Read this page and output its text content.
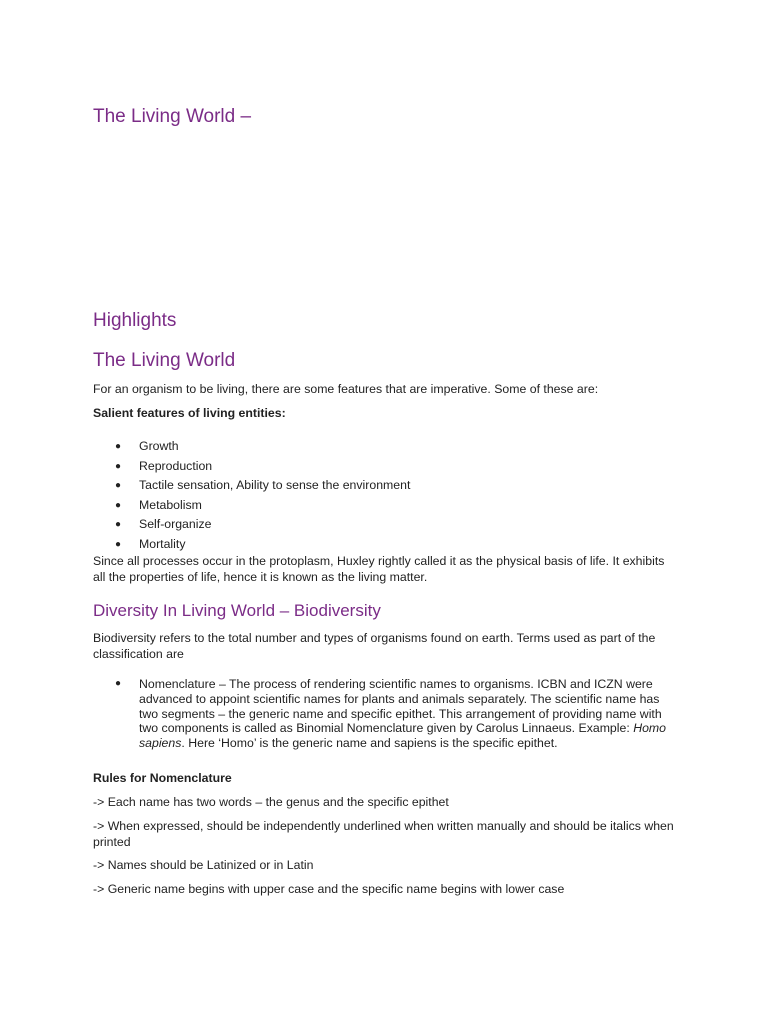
The Living World –
Highlights
The Living World

For an organism to be living, there are some features that are imperative. Some of these are:

Salient features of living entities:

● Growth
● Reproduction
● Tactile sensation, Ability to sense the environment
● Metabolism
● Self-organize
● Mortality

Since all processes occur in the protoplasm, Huxley rightly called it as the physical basis of life. It exhibits all the properties of life, hence it is known as the living matter.

Diversity In Living World – Biodiversity

Biodiversity refers to the total number and types of organisms found on earth. Terms used as part of the classification are

● Nomenclature – The process of rendering scientific names to organisms. ICBN and ICZN were advanced to appoint scientific names for plants and animals separately. The scientific name has two segments – the generic name and specific epithet. This arrangement of providing name with two components is called as Binomial Nomenclature given by Carolus Linnaeus. Example: Homo sapiens. Here ‘Homo’ is the generic name and sapiens is the specific epithet.

Rules for Nomenclature

-> Each name has two words – the genus and the specific epithet

-> When expressed, should be independently underlined when written manually and should be italics when printed

-> Names should be Latinized or in Latin

-> Generic name begins with upper case and the specific name begins with lower case
